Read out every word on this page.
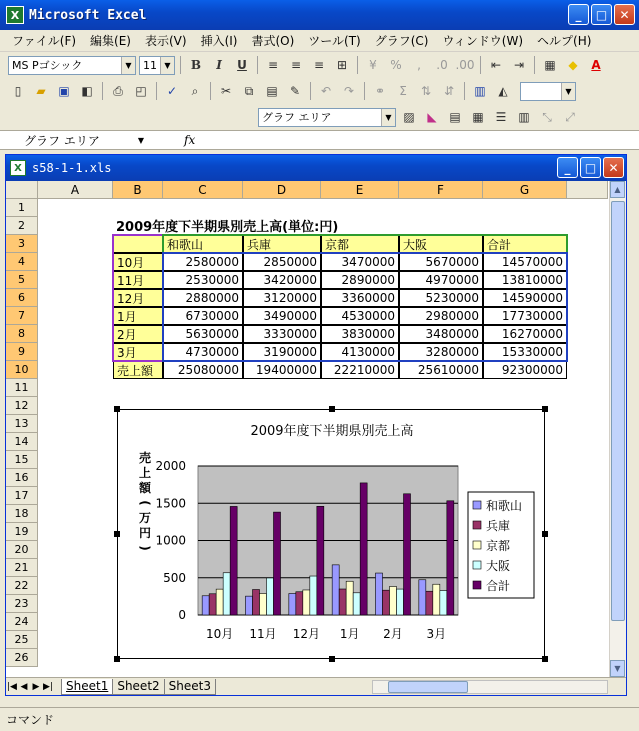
X Microsoft Excel	_	□	✕
ファイル(F) 編集(E) 表示(V) 挿入(I) 書式(O) ツール(T) グラフ(C) ウィンドウ(W) ヘルプ(H)
MS Pゴシック	▼	11 ▼	B	I	U	≡	≡	≡	⊞	¥	%	,	.0 .00	⇤	⇥	▦	◆	A
▯	▰	▣ ◧	⎙	◰	✓	⌕	✂	⧉	▤	✎	↶	↷	⚭	Σ	⇅	⇵	▥	◭	▼
グラフ エリア	▼ ▨	◣	▤ ▦ ☰ ▥	⤡	⤢
グラフ エリア	▼	fx
X s58-1-1.xls	_	□	✕
A	B	C	D	E	F	G
2009年度下半期県別売上高(単位:円)
和歌山	兵庫	京都	大阪	合計
10月	2580000	2850000	3470000	5670000	14570000
11月	2530000	3420000	2890000	4970000	13810000
12月	2880000	3120000	3360000	5230000	14590000
1月	6730000	3490000	4530000	2980000	17730000
2月	5630000	3330000	3830000	3480000	16270000
3月	4730000	3190000	4130000	3280000	15330000
売上額	25080000	19400000	22210000	25610000	92300000
2009年度下半期県別売上高
売
上
額
(
万
円
)
0
500
1000
1500
2000
10月 11月 12月 1月 2月 3月
和歌山
兵庫
京都
大阪
合計
1
2
3
4
5
6
7
8
9
10
11
12
13
14
15
16
17
18
19
20
21
22
23
24
25
26
▲
▼
|◀ ◀ ▶ ▶|	Sheet1 Sheet2 Sheet3
コマンド
